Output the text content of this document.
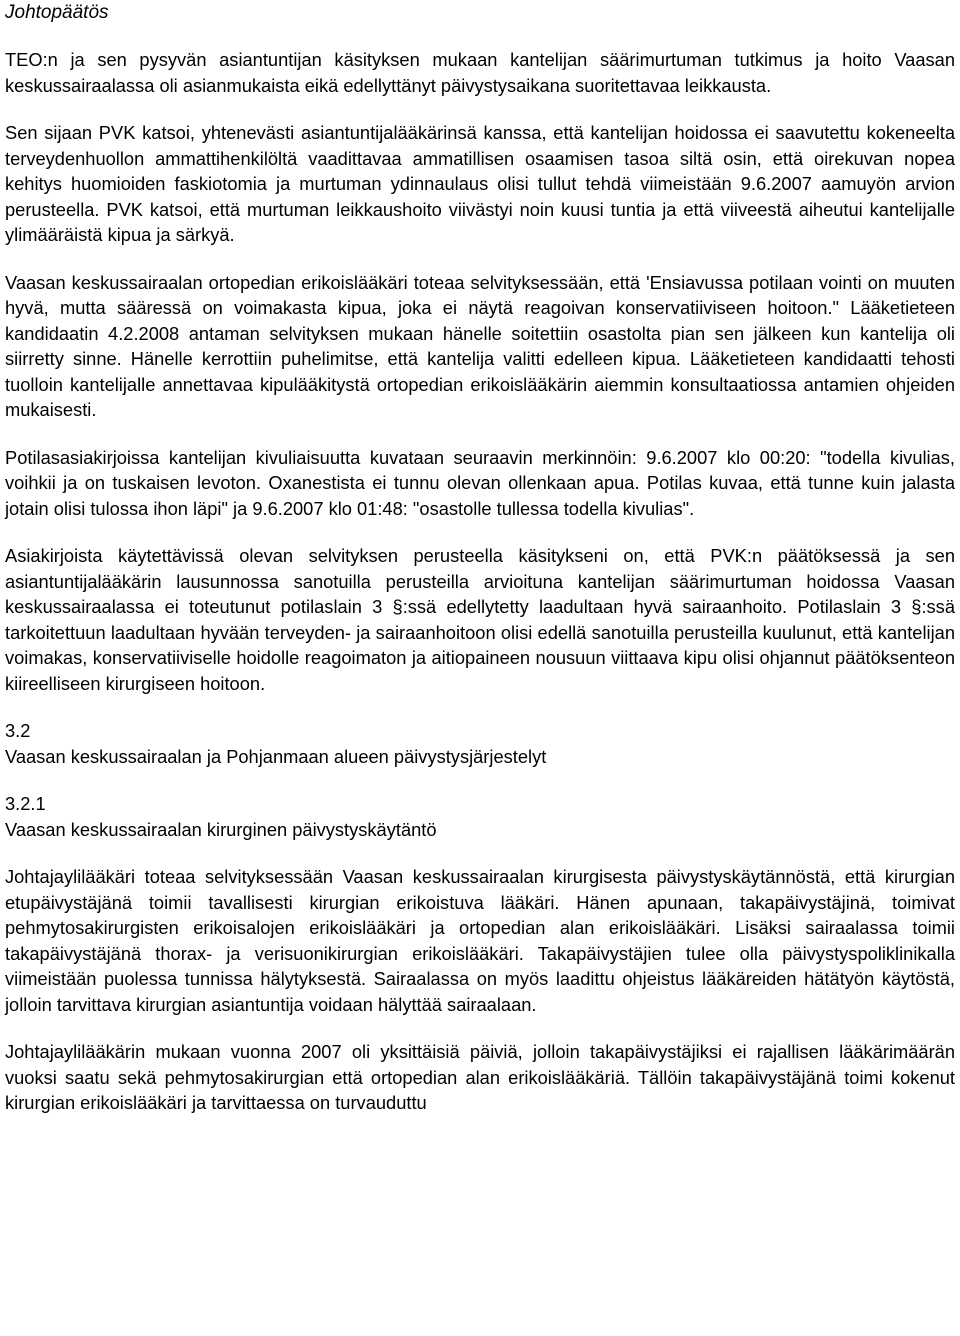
Johtopäätös

TEO:n ja sen pysyvän asiantuntijan käsityksen mukaan kantelijan säärimurtuman tutkimus ja hoito Vaasan keskussairaalassa oli asianmukaista eikä edellyttänyt päivystysaikana suoritettavaa leikkausta.

Sen sijaan PVK katsoi, yhtenevästi asiantuntijalääkärinsä kanssa, että kantelijan hoidossa ei saavutettu kokeneelta terveydenhuollon ammattihenkilöltä vaadittavaa ammatillisen osaamisen tasoa siltä osin, että oirekuvan nopea kehitys huomioiden faskiotomia ja murtuman ydinnaulaus olisi tullut tehdä viimeistään 9.6.2007 aamuyön arvion perusteella. PVK katsoi, että murtuman leikkaushoito viivästyi noin kuusi tuntia ja että viiveestä aiheutui kantelijalle ylimääräistä kipua ja särkyä.

Vaasan keskussairaalan ortopedian erikoislääkäri toteaa selvityksessään, että 'Ensiavussa potilaan vointi on muuten hyvä, mutta sääressä on voimakasta kipua, joka ei näytä reagoivan konservatiiviseen hoitoon." Lääketieteen kandidaatin 4.2.2008 antaman selvityksen mukaan hänelle soitettiin osastolta pian sen jälkeen kun kantelija oli siirretty sinne. Hänelle kerrottiin puhelimitse, että kantelija valitti edelleen kipua. Lääketieteen kandidaatti tehosti tuolloin kantelijalle annettavaa kipulääkitystä ortopedian erikoislääkärin aiemmin konsultaatiossa antamien ohjeiden mukaisesti.

Potilasasiakirjoissa kantelijan kivuliaisuutta kuvataan seuraavin merkinnöin: 9.6.2007 klo 00:20: "todella kivulias, voihkii ja on tuskaisen levoton. Oxanestista ei tunnu olevan ollenkaan apua. Potilas kuvaa, että tunne kuin jalasta jotain olisi tulossa ihon läpi" ja 9.6.2007 klo 01:48: "osastolle tullessa todella kivulias".

Asiakirjoista käytettävissä olevan selvityksen perusteella käsitykseni on, että PVK:n päätöksessä ja sen asiantuntijalääkärin lausunnossa sanotuilla perusteilla arvioituna kantelijan säärimurtuman hoidossa Vaasan keskussairaalassa ei toteutunut potilaslain 3 §:ssä edellytetty laadultaan hyvä sairaanhoito. Potilaslain 3 §:ssä tarkoitettuun laadultaan hyvään terveyden- ja sairaanhoitoon olisi edellä sanotuilla perusteilla kuulunut, että kantelijan voimakas, konservatiiviselle hoidolle reagoimaton ja aitiopaineen nousuun viittaava kipu olisi ohjannut päätöksenteon kiireelliseen kirurgiseen hoitoon.

3.2
Vaasan keskussairaalan ja Pohjanmaan alueen päivystysjärjestelyt
3.2.1
Vaasan keskussairaalan kirurginen päivystyskäytäntö

Johtajaylilääkäri toteaa selvityksessään Vaasan keskussairaalan kirurgisesta päivystyskäytännöstä, että kirurgian etupäivystäjänä toimii tavallisesti kirurgian erikoistuva lääkäri. Hänen apunaan, takapäivystäjinä, toimivat pehmytosakirurgisten erikoisalojen erikoislääkäri ja ortopedian alan erikoislääkäri. Lisäksi sairaalassa toimii takapäivystäjänä thorax- ja verisuonikirurgian erikoislääkäri. Takapäivystäjien tulee olla päivystyspoliklinikalla viimeistään puolessa tunnissa hälytyksestä. Sairaalassa on myös laadittu ohjeistus lääkäreiden hätätyön käytöstä, jolloin tarvittava kirurgian asiantuntija voidaan hälyttää sairaalaan.

Johtajaylilääkärin mukaan vuonna 2007 oli yksittäisiä päiviä, jolloin takapäivystäjiksi ei rajallisen lääkärimäärän vuoksi saatu sekä pehmytosakirurgian että ortopedian alan erikoislääkäriä. Tällöin takapäivystäjänä toimi kokenut kirurgian erikoislääkäri ja tarvittaessa on turvauduttu
